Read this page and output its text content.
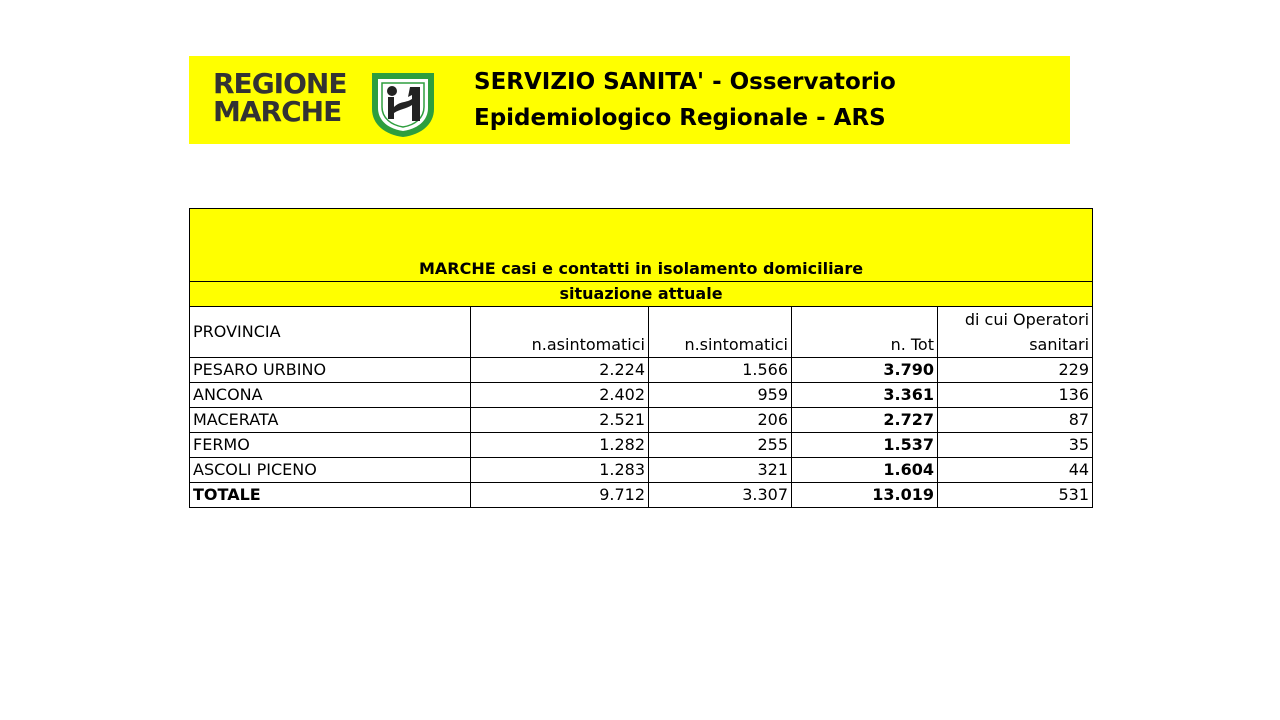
REGIONE
MARCHE
SERVIZIO SANITA' - Osservatorio Epidemiologico Regionale - ARS
MARCHE casi e contatti in isolamento domiciliare				
situazione attuale				
PROVINCIA	n.asintomatici	n.sintomatici	n. Tot	di cui Operatori
sanitari
PESARO URBINO	2.224	1.566	3.790	229
ANCONA	2.402	959	3.361	136
MACERATA	2.521	206	2.727	87
FERMO	1.282	255	1.537	35
ASCOLI PICENO	1.283	321	1.604	44
TOTALE	9.712	3.307	13.019	531
